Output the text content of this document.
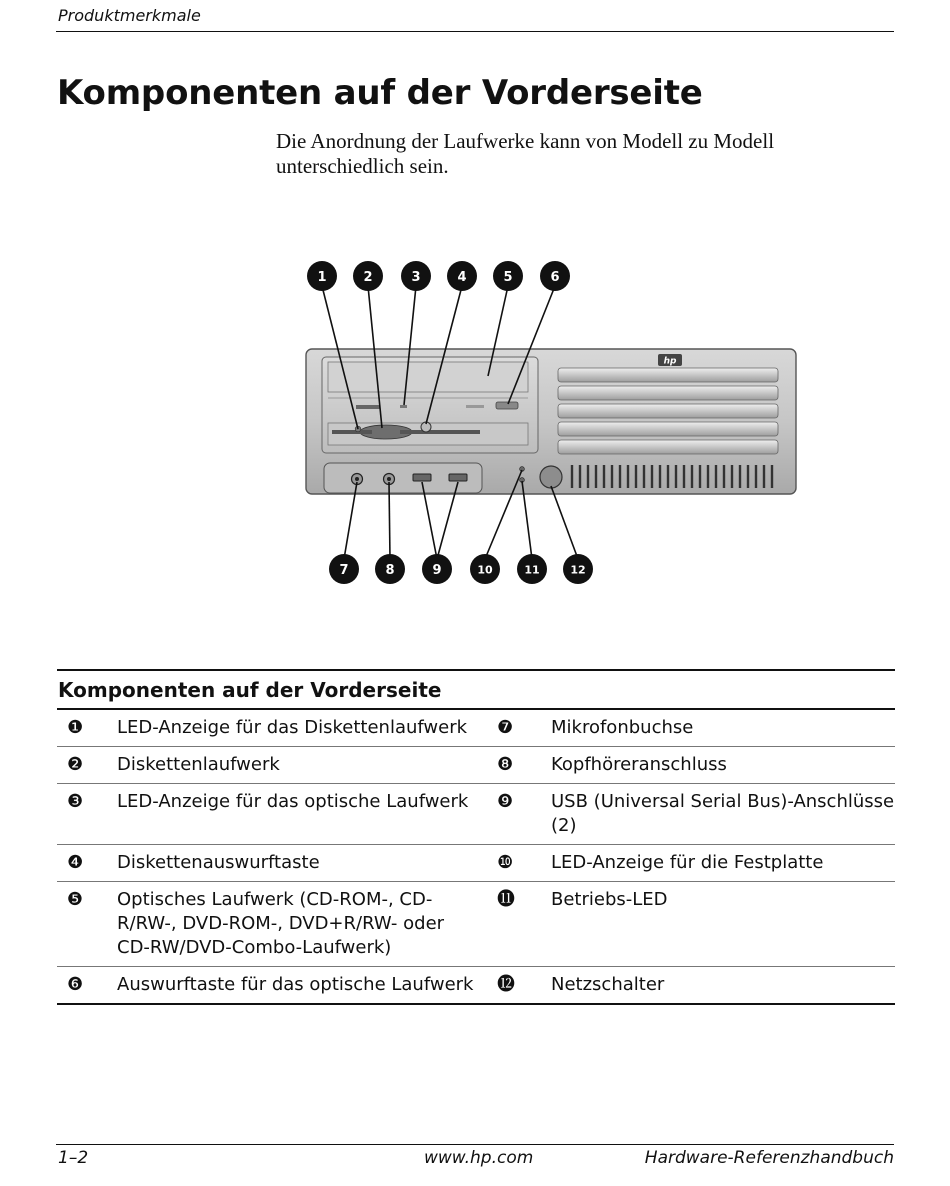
Produktmerkmale
Komponenten auf der Vorderseite
Die Anordnung der Laufwerke kann von Modell zu Modell unterschiedlich sein.
hp
1	2	3	4	5	6
7	8	9	10	11	12
Komponenten auf der Vorderseite
❶	LED-Anzeige für das Diskettenlaufwerk	❼	Mikrofonbuchse
❷	Diskettenlaufwerk	❽	Kopfhöreranschluss
❸	LED-Anzeige für das optische Laufwerk	❾	USB (Universal Serial Bus)-Anschlüsse (2)
❹	Diskettenauswurftaste	❿	LED-Anzeige für die Festplatte
❺	Optisches Laufwerk (CD-ROM-, CD-R/RW-, DVD-ROM-, DVD+R/RW- oder CD-RW/DVD-Combo-Laufwerk)	⓫	Betriebs-LED
❻	Auswurftaste für das optische Laufwerk	⓬	Netzschalter
1–2	www.hp.com	Hardware-Referenzhandbuch
